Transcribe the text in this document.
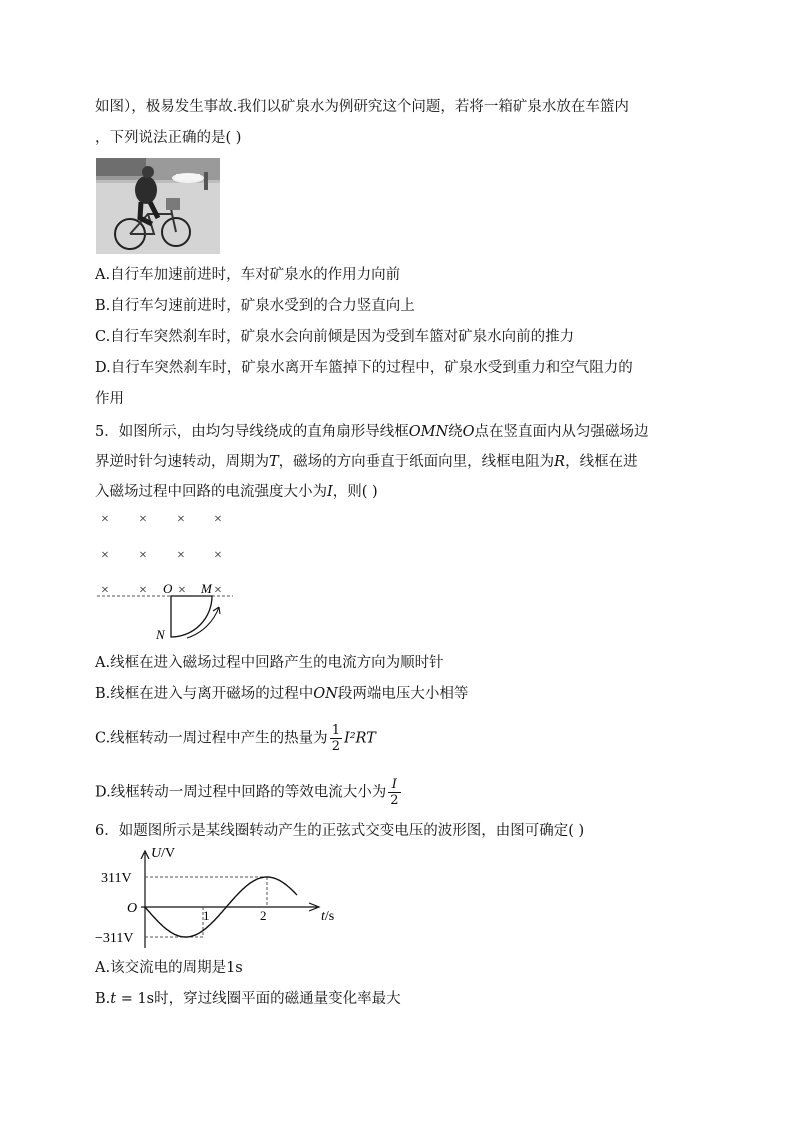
如图），极易发生事故.我们以矿泉水为例研究这个问题，若将一箱矿泉水放在车篮内
，下列说法正确的是( )
A.自行车加速前进时，车对矿泉水的作用力向前
B.自行车匀速前进时，矿泉水受到的合力竖直向上
C.自行车突然刹车时，矿泉水会向前倾是因为受到车篮对矿泉水向前的推力
D.自行车突然刹车时，矿泉水离开车篮掉下的过程中，矿泉水受到重力和空气阻力的
作用
5．如图所示，由均匀导线绕成的直角扇形导线框OMN绕O点在竖直面内从匀强磁场边
界逆时针匀速转动，周期为T，磁场的方向垂直于纸面向里，线框电阻为R，线框在进
入磁场过程中回路的电流强度大小为I，则( )
× × × ×
× × × ×
× × × ×
O M
N
A.线框在进入磁场过程中回路产生的电流方向为顺时针
B.线框在进入与离开磁场的过程中ON段两端电压大小相等
C.线框转动一周过程中产生的热量为 $\frac{1}{2} I^2RT$
D.线框转动一周过程中回路的等效电流大小为 $\frac{I}{2}$
6．如题图所示是某线圈转动产生的正弦式交变电压的波形图，由图可确定( )
U/V
311V
O
−311V
1	2	t/s
A.该交流电的周期是1s
B.t = 1s时，穿过线圈平面的磁通量变化率最大
